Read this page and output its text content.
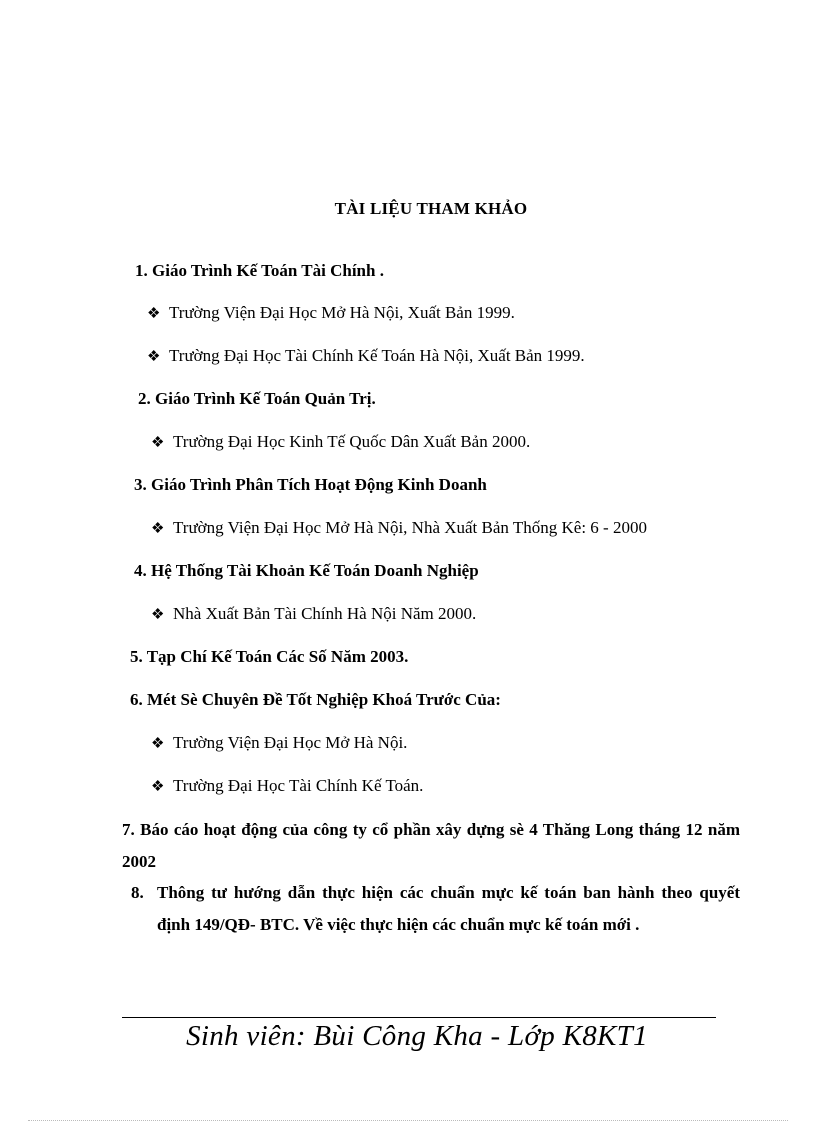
TÀI LIỆU THAM KHẢO
1. Giáo Trình Kế Toán Tài Chính .
❖ Trường Viện Đại Học Mở Hà Nội, Xuất Bản 1999.
❖ Trường Đại Học Tài Chính Kế Toán Hà Nội, Xuất Bản 1999.
2. Giáo Trình Kế Toán Quản Trị.
❖ Trường Đại Học Kinh Tế Quốc Dân Xuất Bản 2000.
3. Giáo Trình Phân Tích Hoạt Động Kinh Doanh
❖ Trường Viện Đại Học Mở Hà Nội, Nhà Xuất Bản Thống Kê: 6 - 2000
4. Hệ Thống Tài Khoản Kế Toán Doanh Nghiệp
❖ Nhà Xuất Bản Tài Chính Hà Nội Năm 2000.
5. Tạp Chí Kế Toán Các Số Năm 2003.
6. Mét Sè Chuyên Đề Tốt Nghiệp Khoá Trước Của:
❖ Trường Viện Đại Học Mở Hà Nội.
❖ Trường Đại Học Tài Chính Kế Toán.
7. Báo cáo hoạt động của công ty cổ phần xây dựng sè 4 Thăng Long tháng 12 năm 2002
8. Thông tư hướng dẫn thực hiện các chuẩn mực kế toán ban hành theo quyết định 149/QĐ- BTC. Về việc thực hiện các chuẩn mực kế toán mới .
Sinh viên: Bùi Công Kha - Lớp K8KT1
